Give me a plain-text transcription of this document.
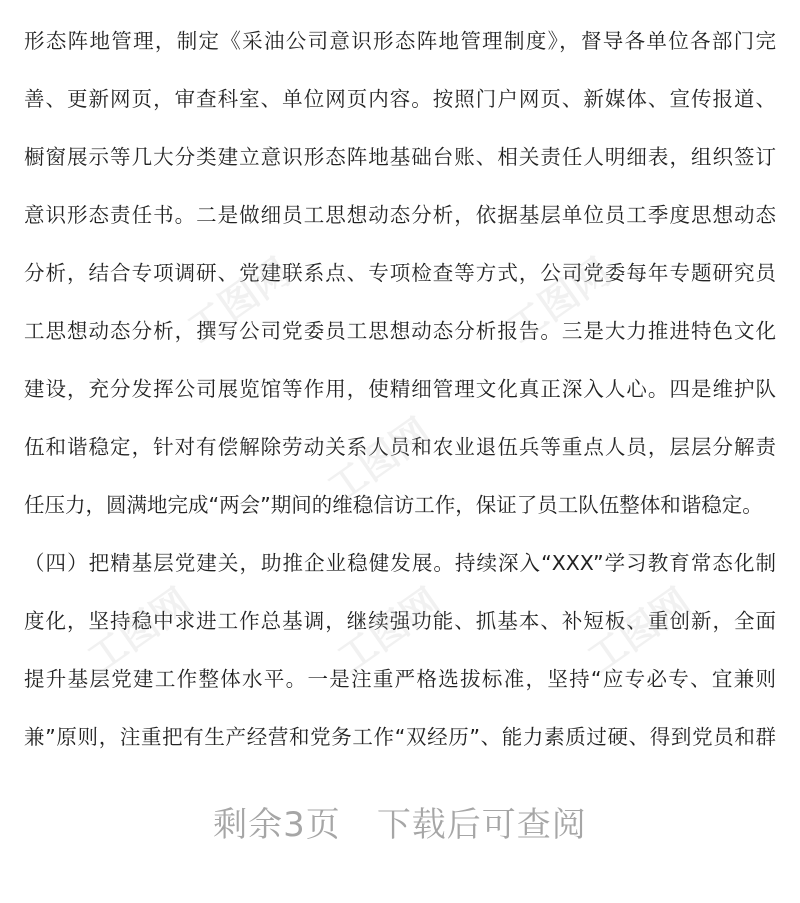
形态阵地管理，制定《采油公司意识形态阵地管理制度》，督导各单位各部门完
善、更新网页，审查科室、单位网页内容。按照门户网页、新媒体、宣传报道、
橱窗展示等几大分类建立意识形态阵地基础台账、相关责任人明细表，组织签订
意识形态责任书。二是做细员工思想动态分析，依据基层单位员工季度思想动态
分析，结合专项调研、党建联系点、专项检查等方式，公司党委每年专题研究员
工思想动态分析，撰写公司党委员工思想动态分析报告。三是大力推进特色文化
建设，充分发挥公司展览馆等作用，使精细管理文化真正深入人心。四是维护队
伍和谐稳定，针对有偿解除劳动关系人员和农业退伍兵等重点人员，层层分解责
任压力，圆满地完成“两会”期间的维稳信访工作，保证了员工队伍整体和谐稳定。
（四）把精基层党建关，助推企业稳健发展。持续深入“XXX”学习教育常态化制
度化，坚持稳中求进工作总基调，继续强功能、抓基本、补短板、重创新，全面
提升基层党建工作整体水平。一是注重严格选拔标准，坚持“应专必专、宜兼则
兼”原则，注重把有生产经营和党务工作“双经历”、能力素质过硬、得到党员和群
工图网	工图网
工图网
工图网	工图网	工图网
剩余3页 下载后可查阅
